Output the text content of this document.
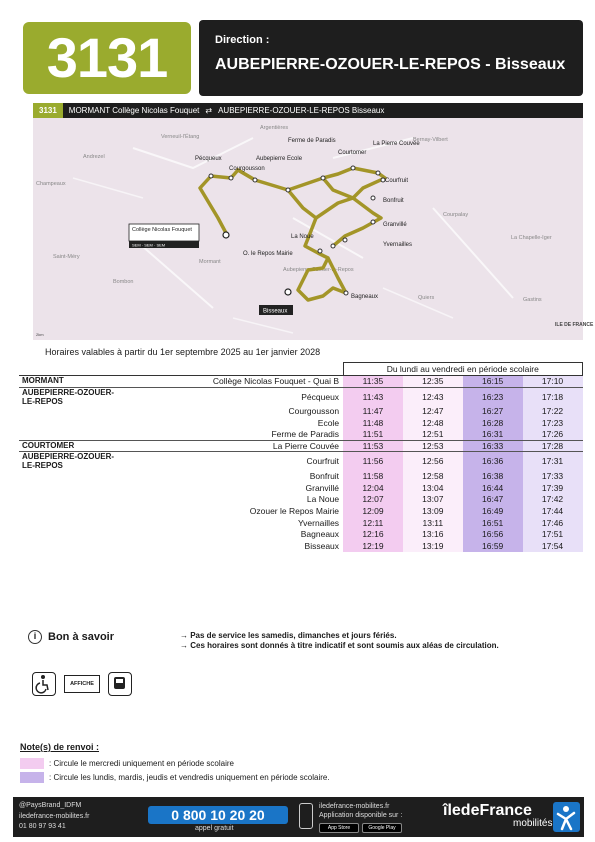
3131	Direction :
AUBEPIERRE-OZOUER-LE-REPOS - Bisseaux
3131	MORMANT Collège Nicolas Fouquet ⇄ AUBEPIERRE-OZOUER-LE-REPOS Bisseaux
Argentières
Verneuil-l'Étang	Bernay-Vilbert
Andrezel
Champeaux
Saint-Méry
Mormant
Aubepierre-Ozouer-le-Repos
Bombon
Quiers
Courpalay
La Chapelle-Iger
Gastins
Pécqueux
Courgousson
Aubepierre Ecole
Ferme de Paradis
Courtomer
La Pierre Couvée
Courfruit
Bonfruit
Granvillé
Yvernailles
La Noue
O. le Repos Mairie
Bagneaux
Collège Nicolas Fouquet
SEM · SEM · SEM
Bisseaux
2km
ILE DE FRANCE
Horaires valables à partir du 1er septembre 2025 au 1er janvier 2028
		Du lundi au vendredi en période scolaire			
MORMANT	Collège Nicolas Fouquet - Quai B	11:35	12:35	16:15	17:10
AUBEPIERRE-OZOUER-LE-REPOS	Pécqueux	11:43	12:43	16:23	17:18
	Courgousson	11:47	12:47	16:27	17:22
	Ecole	11:48	12:48	16:28	17:23
	Ferme de Paradis	11:51	12:51	16:31	17:26
COURTOMER	La Pierre Couvée	11:53	12:53	16:33	17:28
AUBEPIERRE-OZOUER-LE-REPOS	Courfruit	11:56	12:56	16:36	17:31
	Bonfruit	11:58	12:58	16:38	17:33
	Granvillé	12:04	13:04	16:44	17:39
	La Noue	12:07	13:07	16:47	17:42
	Ozouer le Repos Mairie	12:09	13:09	16:49	17:44
	Yvernailles	12:11	13:11	16:51	17:46
	Bagneaux	12:16	13:16	16:56	17:51
	Bisseaux	12:19	13:19	16:59	17:54
i	Bon à savoir	→ Pas de service les samedis, dimanches et jours fériés.
→ Ces horaires sont donnés à titre indicatif et sont soumis aux aléas de circulation.
AFFICHE
Note(s) de renvoi :
: Circule le mercredi uniquement en période scolaire
: Circule les lundis, mardis, jeudis et vendredis uniquement en période scolaire.
@PaysBrand_IDFM
iledefrance-mobilites.fr
01 80 97 93 41
0 800 10 20 20
appel gratuit
iledefrance-mobilites.fr
Application disponible sur :
App Store	Google Play
îledeFrance
mobilités
